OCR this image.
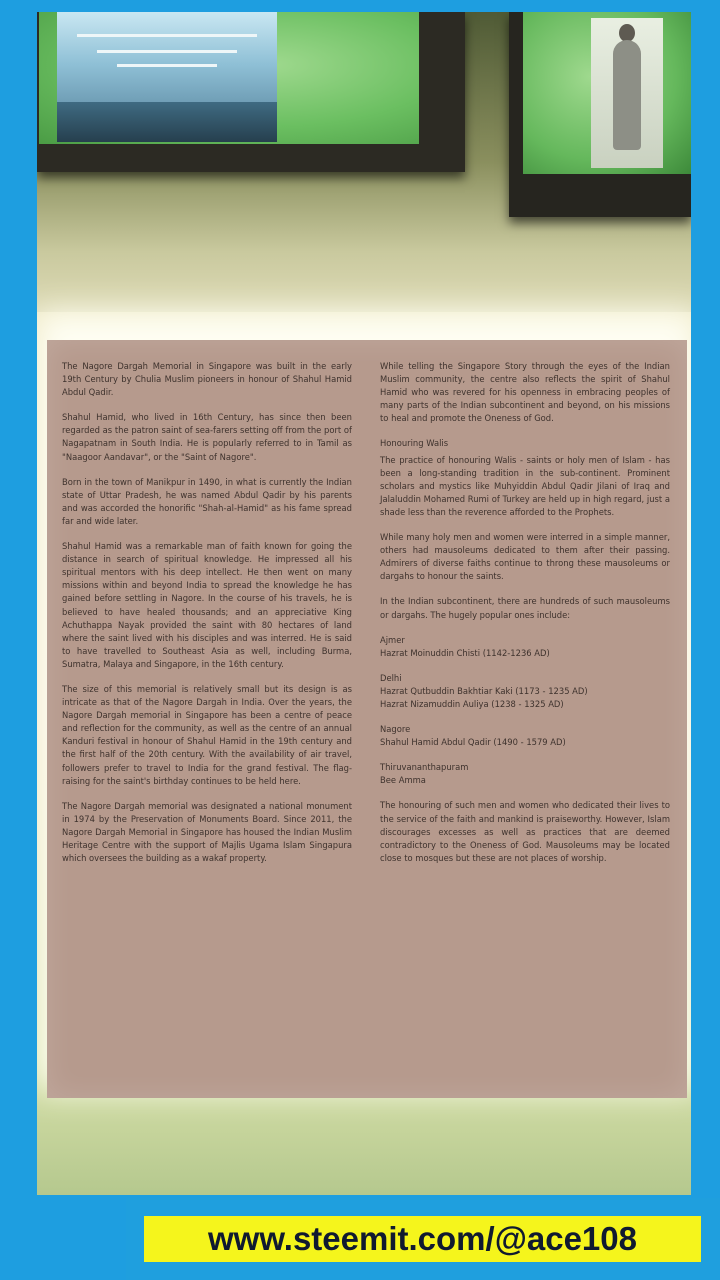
The Nagore Dargah Memorial in Singapore was built in the early 19th Century by Chulia Muslim pioneers in honour of Shahul Hamid Abdul Qadir.

Shahul Hamid, who lived in 16th Century, has since then been regarded as the patron saint of sea-farers setting off from the port of Nagapatnam in South India. He is popularly referred to in Tamil as "Naagoor Aandavar", or the "Saint of Nagore".

Born in the town of Manikpur in 1490, in what is currently the Indian state of Uttar Pradesh, he was named Abdul Qadir by his parents and was accorded the honorific "Shah-al-Hamid" as his fame spread far and wide later.

Shahul Hamid was a remarkable man of faith known for going the distance in search of spiritual knowledge. He impressed all his spiritual mentors with his deep intellect. He then went on many missions within and beyond India to spread the knowledge he has gained before settling in Nagore. In the course of his travels, he is believed to have healed thousands; and an appreciative King Achuthappa Nayak provided the saint with 80 hectares of land where the saint lived with his disciples and was interred. He is said to have travelled to Southeast Asia as well, including Burma, Sumatra, Malaya and Singapore, in the 16th century.

The size of this memorial is relatively small but its design is as intricate as that of the Nagore Dargah in India. Over the years, the Nagore Dargah memorial in Singapore has been a centre of peace and reflection for the community, as well as the centre of an annual Kanduri festival in honour of Shahul Hamid in the 19th century and the first half of the 20th century. With the availability of air travel, followers prefer to travel to India for the grand festival. The flag-raising for the saint's birthday continues to be held here.

The Nagore Dargah memorial was designated a national monument in 1974 by the Preservation of Monuments Board. Since 2011, the Nagore Dargah Memorial in Singapore has housed the Indian Muslim Heritage Centre with the support of Majlis Ugama Islam Singapura which oversees the building as a wakaf property.

While telling the Singapore Story through the eyes of the Indian Muslim community, the centre also reflects the spirit of Shahul Hamid who was revered for his openness in embracing peoples of many parts of the Indian subcontinent and beyond, on his missions to heal and promote the Oneness of God.

Honouring Walis

The practice of honouring Walis - saints or holy men of Islam - has been a long-standing tradition in the sub-continent. Prominent scholars and mystics like Muhyiddin Abdul Qadir Jilani of Iraq and Jalaluddin Mohamed Rumi of Turkey are held up in high regard, just a shade less than the reverence afforded to the Prophets.

While many holy men and women were interred in a simple manner, others had mausoleums dedicated to them after their passing. Admirers of diverse faiths continue to throng these mausoleums or dargahs to honour the saints.

In the Indian subcontinent, there are hundreds of such mausoleums or dargahs. The hugely popular ones include:

Ajmer

Hazrat Moinuddin Chisti (1142-1236 AD)

Delhi

Hazrat Qutbuddin Bakhtiar Kaki (1173 - 1235 AD)

Hazrat Nizamuddin Auliya (1238 - 1325 AD)

Nagore

Shahul Hamid Abdul Qadir (1490 - 1579 AD)

Thiruvananthapuram

Bee Amma

The honouring of such men and women who dedicated their lives to the service of the faith and mankind is praiseworthy. However, Islam discourages excesses as well as practices that are deemed contradictory to the Oneness of God. Mausoleums may be located close to mosques but these are not places of worship.

www.steemit.com/@ace108
